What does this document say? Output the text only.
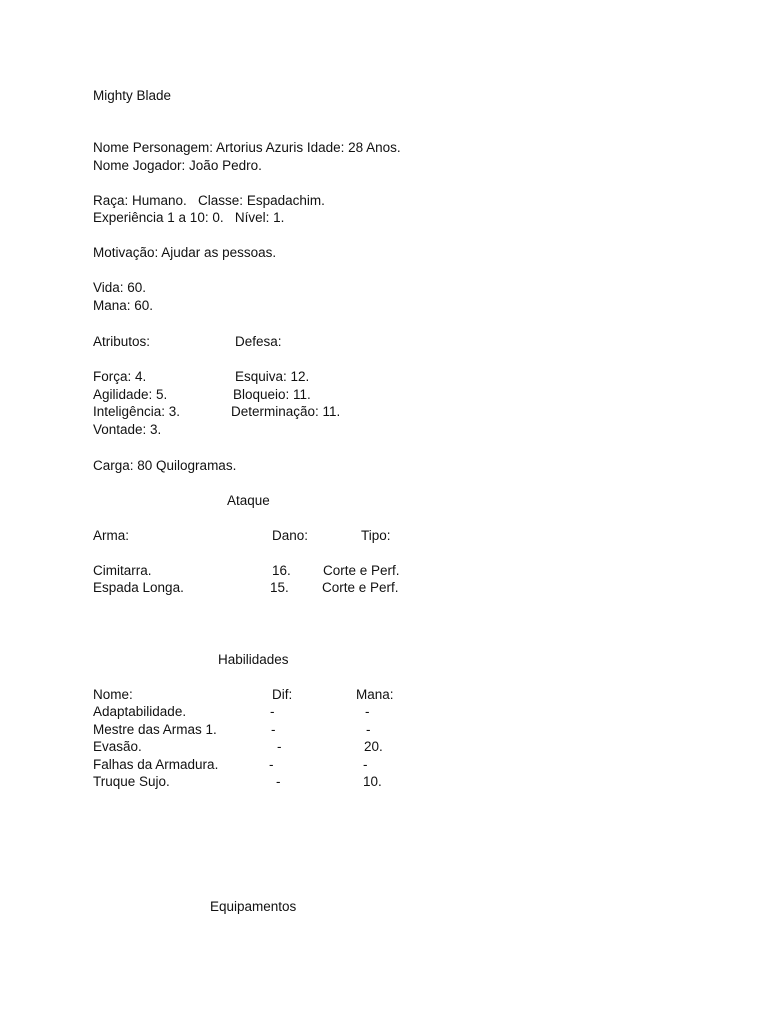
Mighty Blade
Nome Personagem: Artorius Azuris Idade: 28 Anos.
Nome Jogador: João Pedro.
Raça: Humano.   Classe: Espadachim.
Experiência 1 a 10: 0.   Nível: 1.
Motivação: Ajudar as pessoas.
Vida: 60.
Mana: 60.
Atributos:	Defesa:
Força: 4.	Esquiva: 12.
Agilidade: 5.	Bloqueio: 11.
Inteligência: 3.	Determinação: 11.
Vontade: 3.
Carga: 80 Quilogramas.
Ataque
Arma:	Dano:	Tipo:
Cimitarra.	16. Corte e Perf.
Espada Longa.	15. Corte e Perf.
Habilidades
Nome:	Dif:	Mana:
Adaptabilidade.	-	-
Mestre das Armas 1.	-	-
Evasão.	-	20.
Falhas da Armadura.	-	-
Truque Sujo.	-	10.
Equipamentos
